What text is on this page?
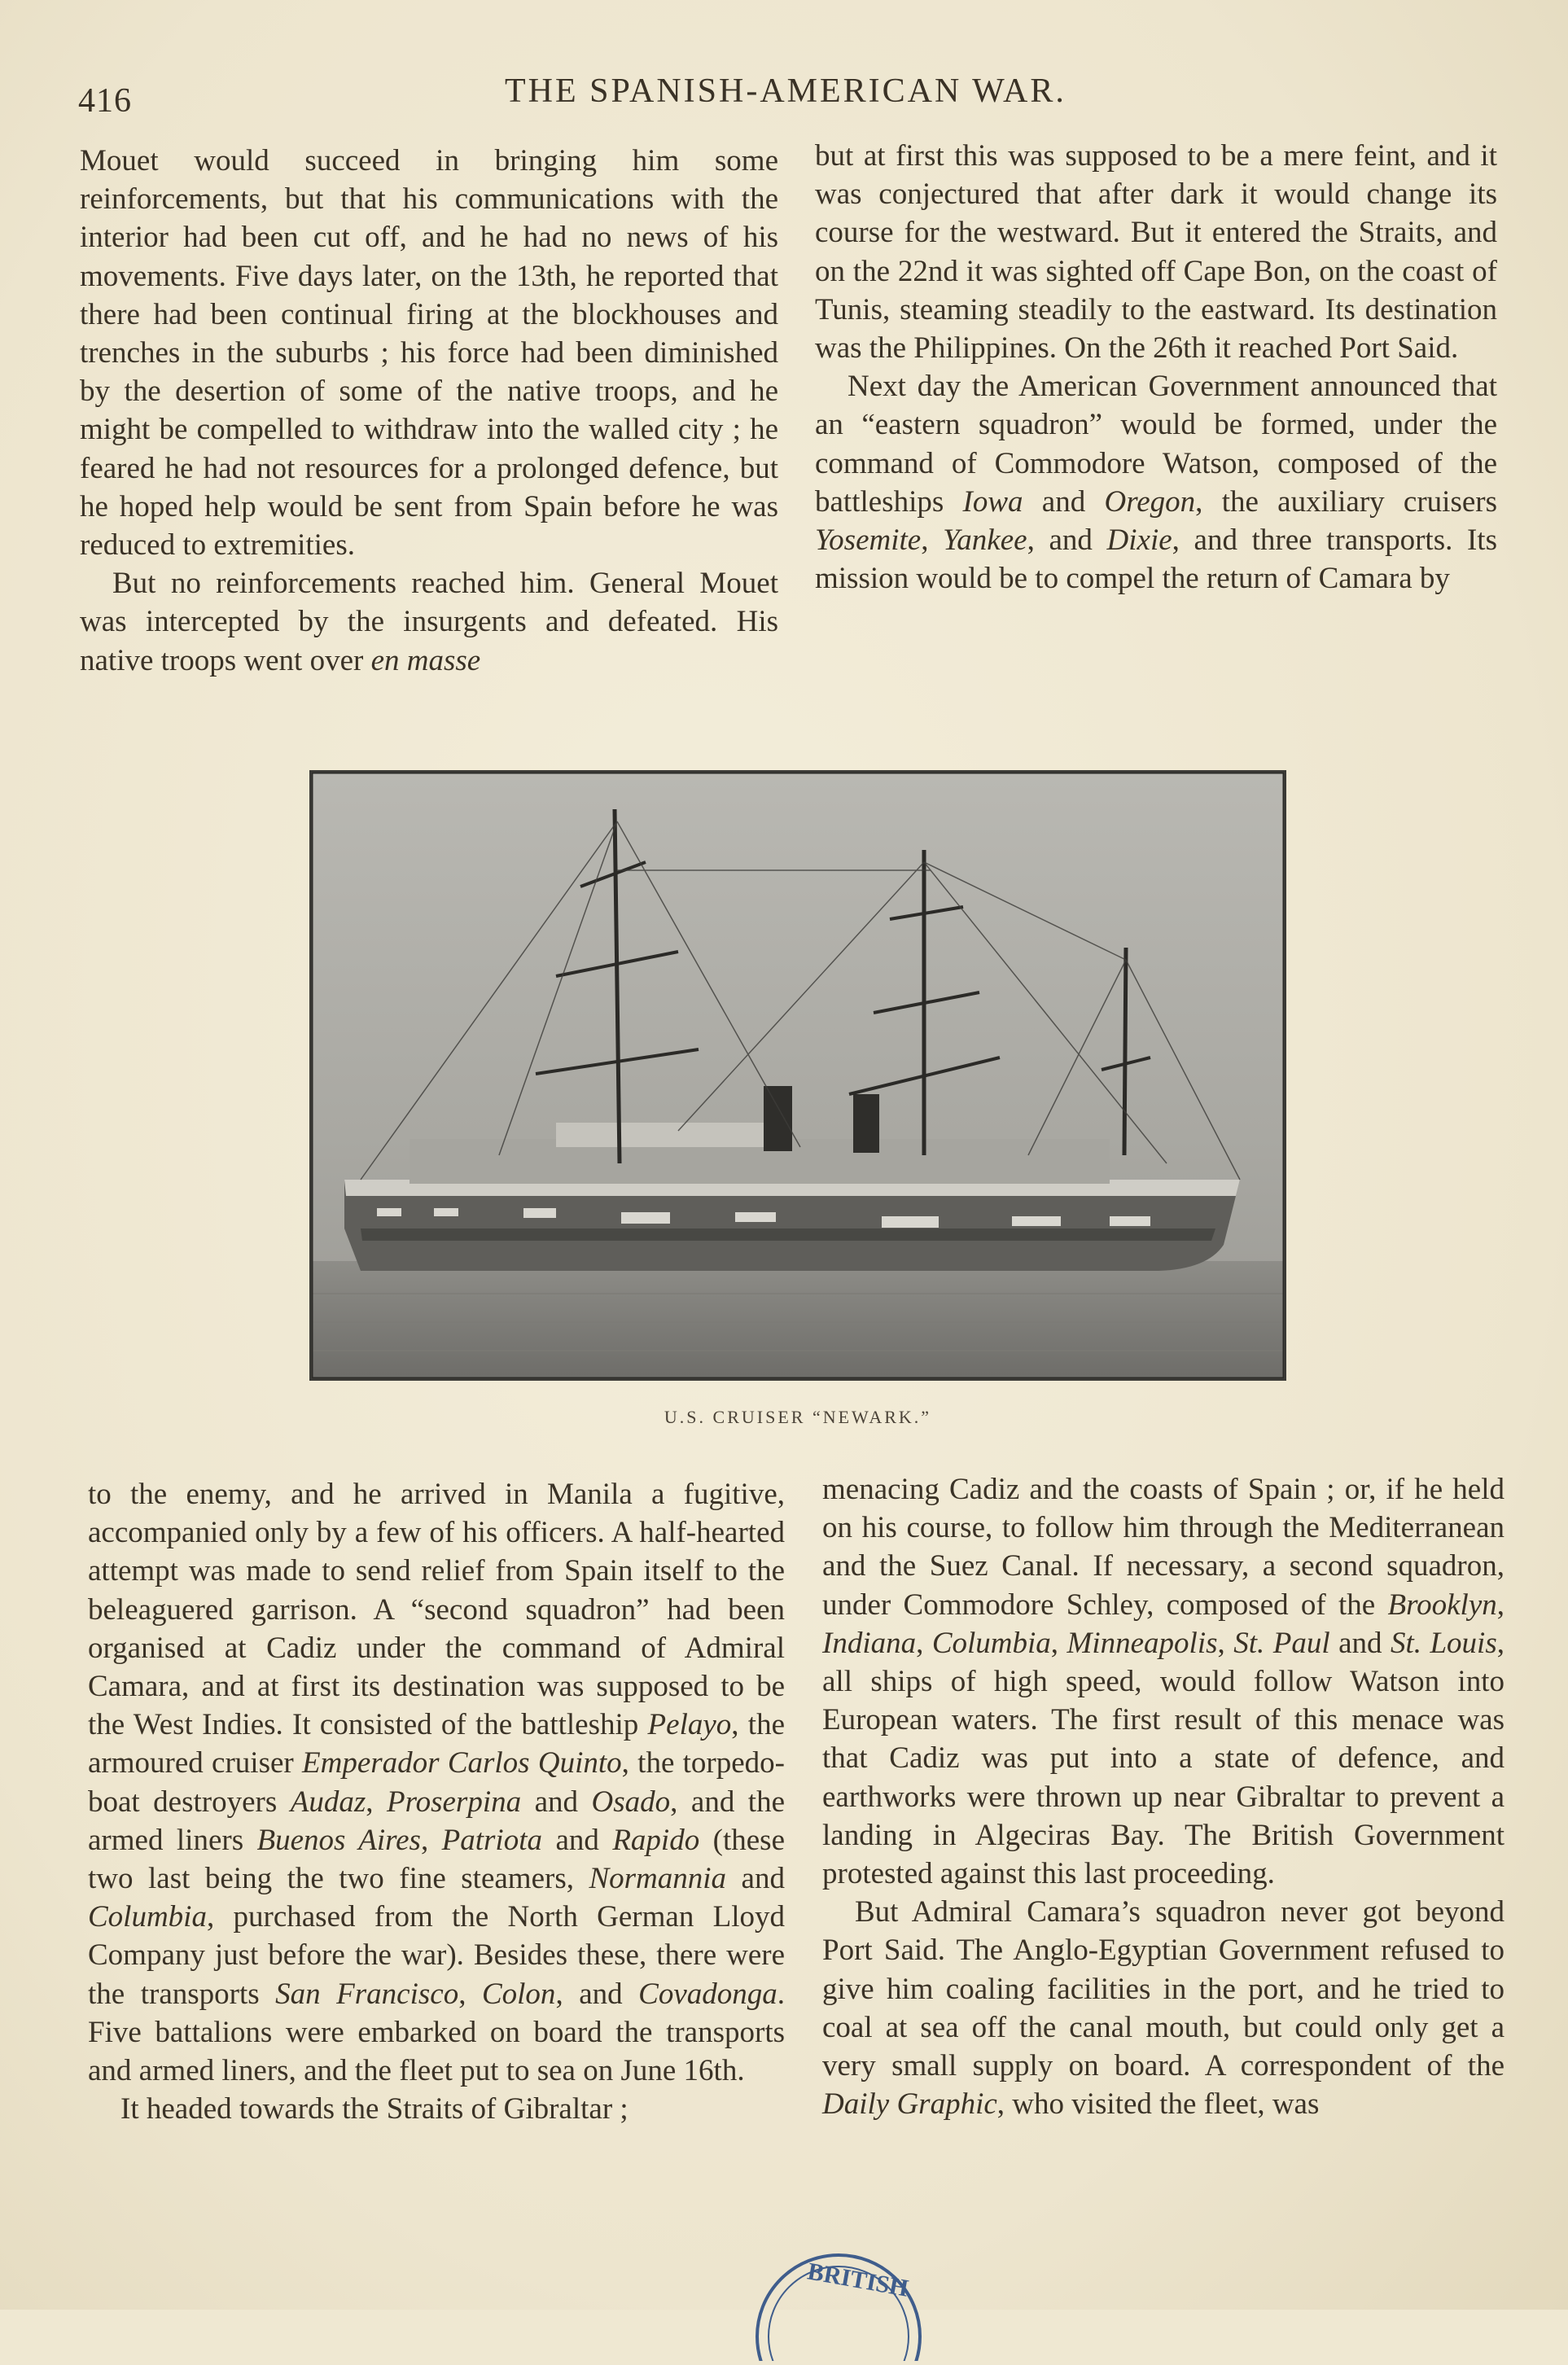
416	THE SPANISH-AMERICAN WAR.

Mouet would succeed in bringing him some reinforcements, but that his communications with the interior had been cut off, and he had no news of his movements. Five days later, on the 13th, he reported that there had been continual firing at the blockhouses and trenches in the suburbs ; his force had been diminished by the desertion of some of the native troops, and he might be compelled to withdraw into the walled city ; he feared he had not resources for a prolonged defence, but he hoped help would be sent from Spain before he was reduced to extremities.

But no reinforcements reached him. General Mouet was intercepted by the insurgents and defeated. His native troops went over en masse

but at first this was supposed to be a mere feint, and it was conjectured that after dark it would change its course for the westward. But it entered the Straits, and on the 22nd it was sighted off Cape Bon, on the coast of Tunis, steaming steadily to the eastward. Its destination was the Philippines. On the 26th it reached Port Said.

Next day the American Government announced that an “eastern squadron” would be formed, under the command of Commodore Watson, composed of the battleships Iowa and Oregon, the auxiliary cruisers Yosemite, Yankee, and Dixie, and three transports. Its mission would be to compel the return of Camara by

U.S. CRUISER “NEWARK.”

to the enemy, and he arrived in Manila a fugitive, accompanied only by a few of his officers. A half-hearted attempt was made to send relief from Spain itself to the beleaguered garrison. A “second squadron” had been organised at Cadiz under the command of Admiral Camara, and at first its destination was supposed to be the West Indies. It consisted of the battleship Pelayo, the armoured cruiser Emperador Carlos Quinto, the torpedo-boat destroyers Audaz, Proserpina and Osado, and the armed liners Buenos Aires, Patriota and Rapido (these two last being the two fine steamers, Normannia and Columbia, purchased from the North German Lloyd Company just before the war). Besides these, there were the transports San Francisco, Colon, and Covadonga. Five battalions were embarked on board the transports and armed liners, and the fleet put to sea on June 16th.

It headed towards the Straits of Gibraltar ;

menacing Cadiz and the coasts of Spain ; or, if he held on his course, to follow him through the Mediterranean and the Suez Canal. If necessary, a second squadron, under Commodore Schley, composed of the Brooklyn, Indiana, Columbia, Minneapolis, St. Paul and St. Louis, all ships of high speed, would follow Watson into European waters. The first result of this menace was that Cadiz was put into a state of defence, and earthworks were thrown up near Gibraltar to prevent a landing in Algeciras Bay. The British Government protested against this last proceeding.

But Admiral Camara’s squadron never got beyond Port Said. The Anglo-Egyptian Government refused to give him coaling facilities in the port, and he tried to coal at sea off the canal mouth, but could only get a very small supply on board. A correspondent of the Daily Graphic, who visited the fleet, was

BRITISH
